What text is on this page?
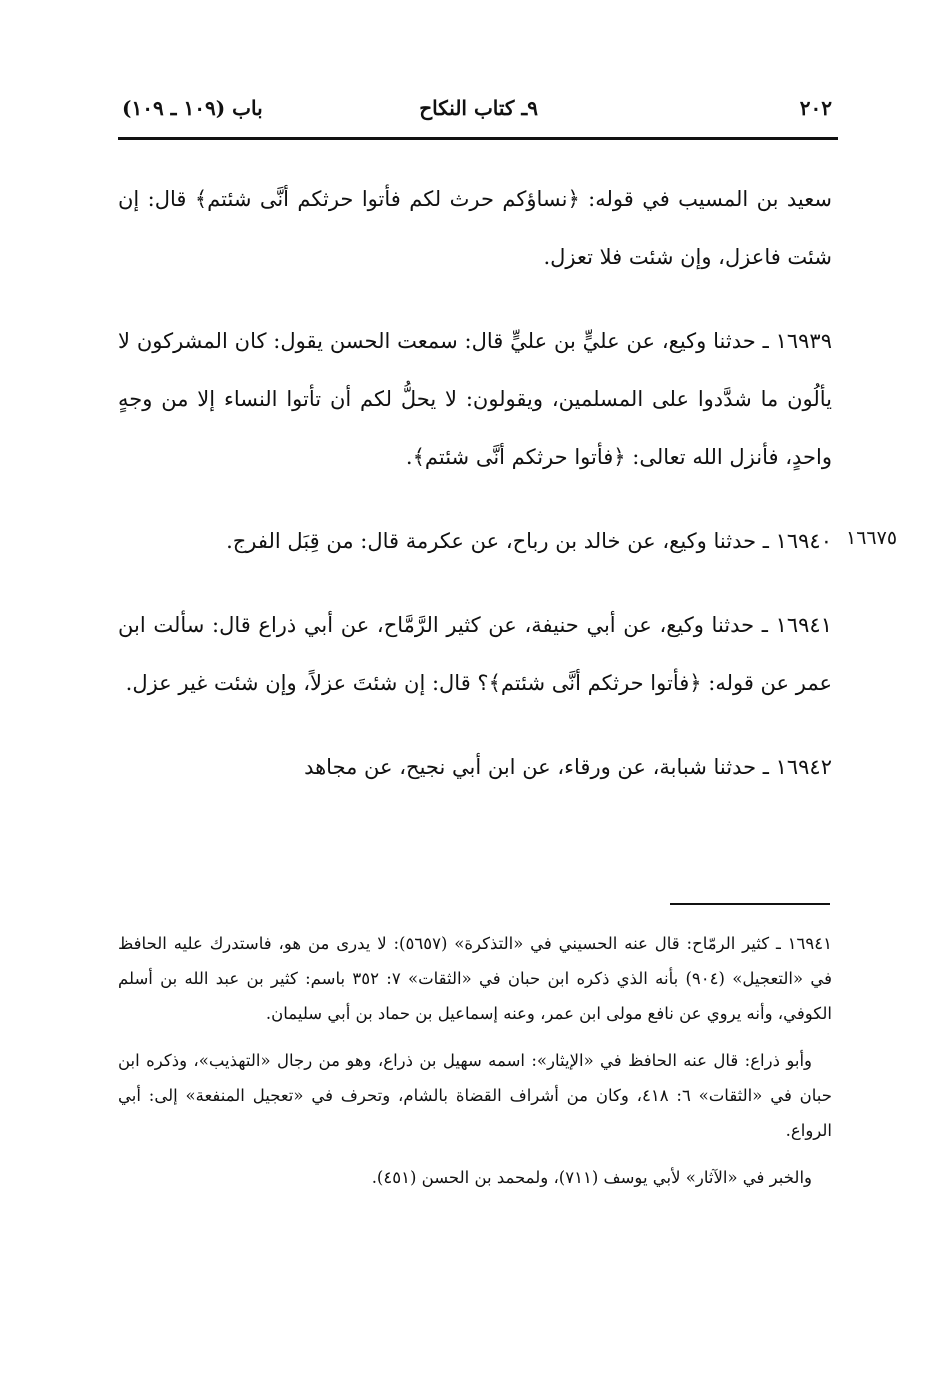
٢٠٢
٩ـ كتاب النكاح
باب (١٠٩ ـ ١٠٩)

سعيد بن المسيب في قوله: ﴿نساؤكم حرث لكم فأتوا حرثكم أنَّى شئتم﴾ قال: إن شئت فاعزل، وإن شئت فلا تعزل.

١٦٩٣٩ ـ حدثنا وكيع، عن عليٍّ بن عليٍّ قال: سمعت الحسن يقول: كان المشركون لا يألُون ما شدَّدوا على المسلمين، ويقولون: لا يحلُّ لكم أن تأتوا النساء إلا من وجهٍ واحدٍ، فأنزل الله تعالى: ﴿فأتوا حرثكم أنَّى شئتم﴾.

١٦٩٤٠ ـ حدثنا وكيع، عن خالد بن رباح، عن عكرمة قال: من قِبَل الفرج.

١٦٩٤١ ـ حدثنا وكيع، عن أبي حنيفة، عن كثير الرَّمَّاح، عن أبي ذراع قال: سألت ابن عمر عن قوله: ﴿فأتوا حرثكم أنَّى شئتم﴾؟ قال: إن شئتَ عزلاً، وإن شئت غير عزل.

١٦٩٤٢ ـ حدثنا شبابة، عن ورقاء، عن ابن أبي نجيح، عن مجاهد

١٦٦٧٥

١٦٩٤١ ـ كثير الرمّاح: قال عنه الحسيني في «التذكرة» (٥٦٥٧): لا يدرى من هو، فاستدرك عليه الحافظ في «التعجيل» (٩٠٤) بأنه الذي ذكره ابن حبان في «الثقات» ٧: ٣٥٢ باسم: كثير بن عبد الله بن أسلم الكوفي، وأنه يروي عن نافع مولى ابن عمر، وعنه إسماعيل بن حماد بن أبي سليمان.

وأبو ذراع: قال عنه الحافظ في «الإيثار»: اسمه سهيل بن ذراع، وهو من رجال «التهذيب»، وذكره ابن حبان في «الثقات» ٦: ٤١٨، وكان من أشراف القضاة بالشام، وتحرف في «تعجيل المنفعة» إلى: أبي الرواع.

والخبر في «الآثار» لأبي يوسف (٧١١)، ولمحمد بن الحسن (٤٥١).
